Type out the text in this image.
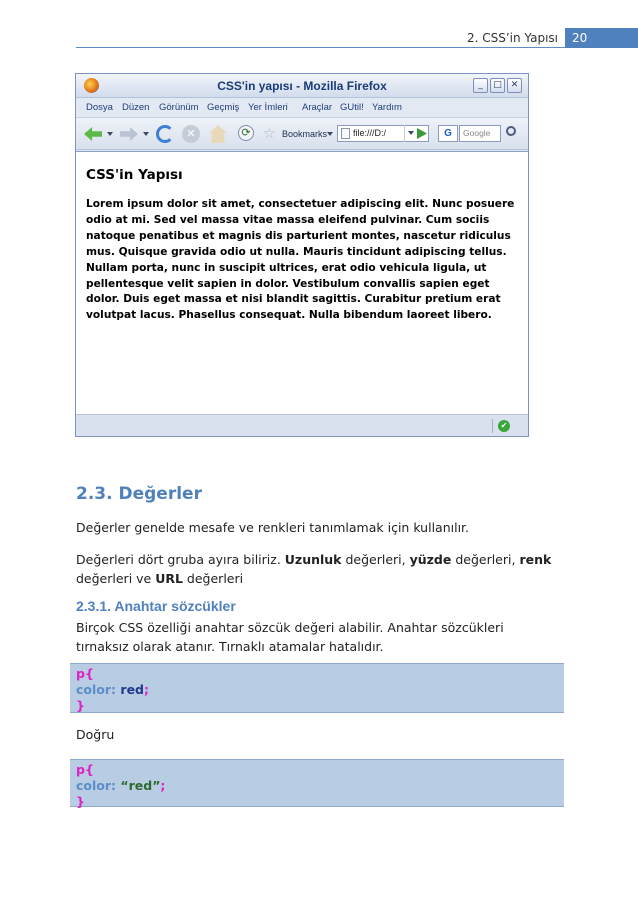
2. CSS’in Yapısı	20
CSS'in yapısı - Mozilla Firefox	_	□ ✕
Dosya Düzen Görünüm Geçmiş Yer İmleri Araçlar GUtil! Yardım
✕	⟳ ☆ Bookmarks	file:///D:/	G	Google
CSS'in Yapısı
Lorem ipsum dolor sit amet, consectetuer adipiscing elit. Nunc posuere odio at mi. Sed vel massa vitae massa eleifend pulvinar. Cum sociis natoque penatibus et magnis dis parturient montes, nascetur ridiculus mus. Quisque gravida odio ut nulla. Mauris tincidunt adipiscing tellus. Nullam porta, nunc in suscipit ultrices, erat odio vehicula ligula, ut pellentesque velit sapien in dolor. Vestibulum convallis sapien eget dolor. Duis eget massa et nisi blandit sagittis. Curabitur pretium erat volutpat lacus. Phasellus consequat. Nulla bibendum laoreet libero.
✔
2.3. Değerler

Değerler genelde mesafe ve renkleri tanımlamak için kullanılır.

Değerleri dört gruba ayıra biliriz. Uzunluk değerleri, yüzde değerleri, renk değerleri ve URL değerleri

2.3.1. Anahtar sözcükler

Birçok CSS özelliği anahtar sözcük değeri alabilir. Anahtar sözcükleri tırnaksız olarak atanır. Tırnaklı atamalar hatalıdır.

p{
color: red;
}
Doğru
p{
color: “red”;
}
